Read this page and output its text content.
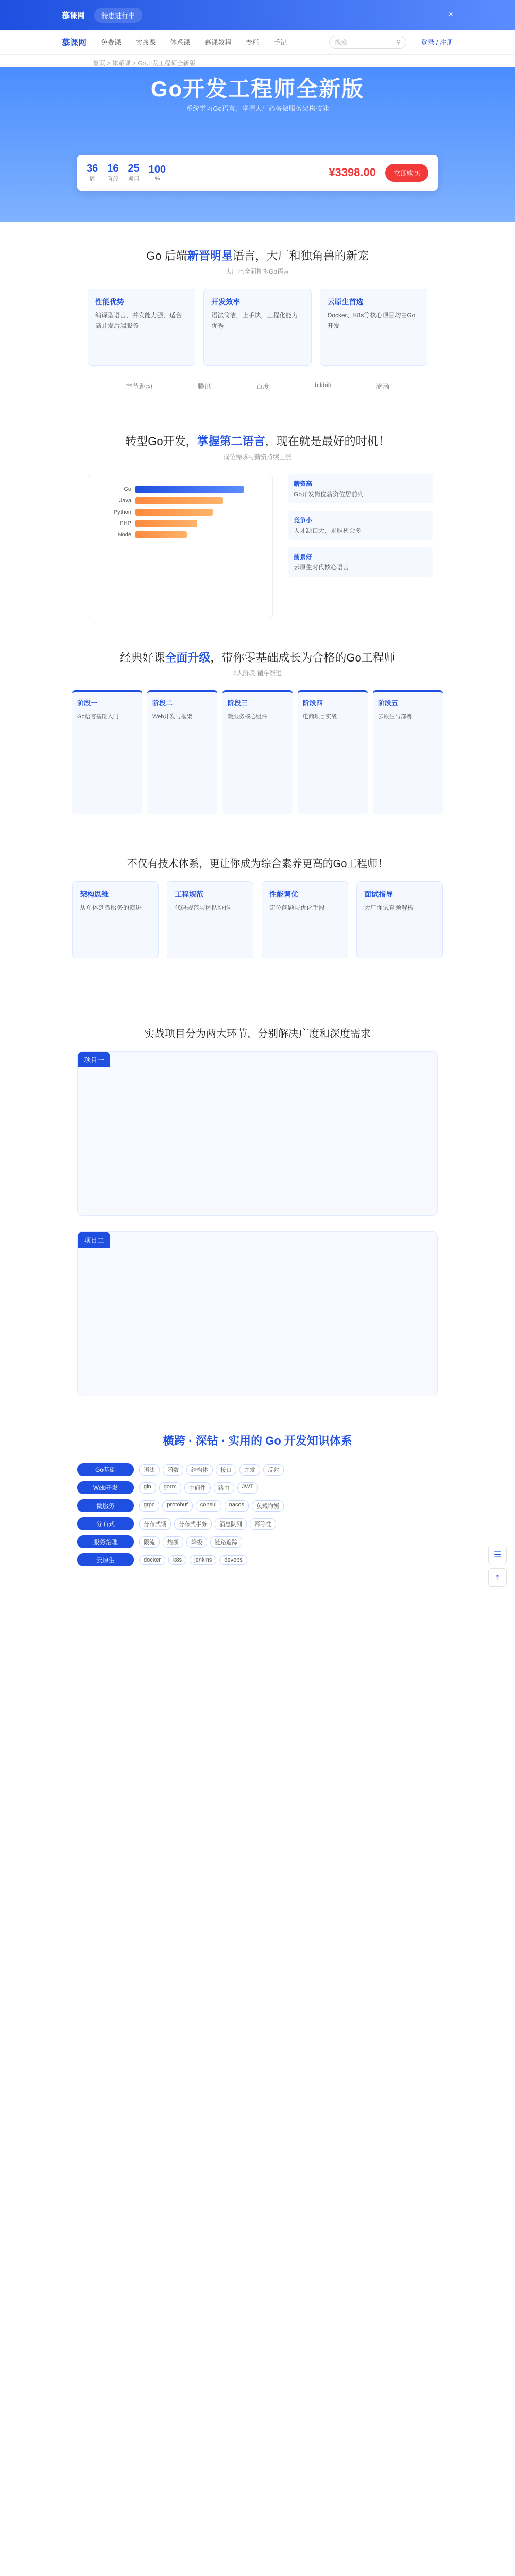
慕课网	特惠进行中	×
慕课网 免费课 实战课 体系课 慕课教程 专栏 手记	搜索	⚲	登录 / 注册
首页 > 体系课 > Go开发工程师全新版
Go开发工程师全新版
系统学习Go语言，掌握大厂必备微服务架构技能
36
周
16
阶段
25
项目
100
%	¥3398.00	立即购买
Go 后端新晋明星语言，大厂和独角兽的新宠
大厂已全面拥抱Go语言
性能优势

编译型语言，并发能力强，适合高并发后端服务

开发效率

语法简洁，上手快，工程化能力优秀

云原生首选

Docker、K8s等核心项目均由Go开发

字节跳动	腾讯	百度	bilibili	滴滴
转型Go开发，掌握第二语言，现在就是最好的时机！
岗位需求与薪资持续上涨
Go
Java
Python
PHP
Node
薪资高
Go开发岗位薪资位居前列
竞争小
人才缺口大，求职机会多
前景好
云原生时代核心语言
经典好课全面升级，带你零基础成长为合格的Go工程师
5大阶段 循序渐进
阶段一

Go语言基础入门

阶段二

Web开发与框架

阶段三

微服务核心组件

阶段四

电商项目实战

阶段五

云原生与部署

不仅有技术体系，更让你成为综合素养更高的Go工程师！
架构思维

从单体到微服务的演进

工程规范

代码规范与团队协作

性能调优

定位问题与优化手段

面试指导

大厂面试真题解析

实战项目分为两大环节，分别解决广度和深度需求
项目一
项目二
橫跨 · 深钻 · 实用的 Go 开发知识体系
Go基础	语法	函数	结构体	接口	并发	反射
Web开发	gin	gorm	中间件	路由	JWT
微服务	grpc	protobuf	consul	nacos	负载均衡
分布式	分布式锁	分布式事务	消息队列	幂等性
服务治理	限流	熔断	降级	链路追踪
云原生	docker	k8s	jenkins	devops

☰
↑
